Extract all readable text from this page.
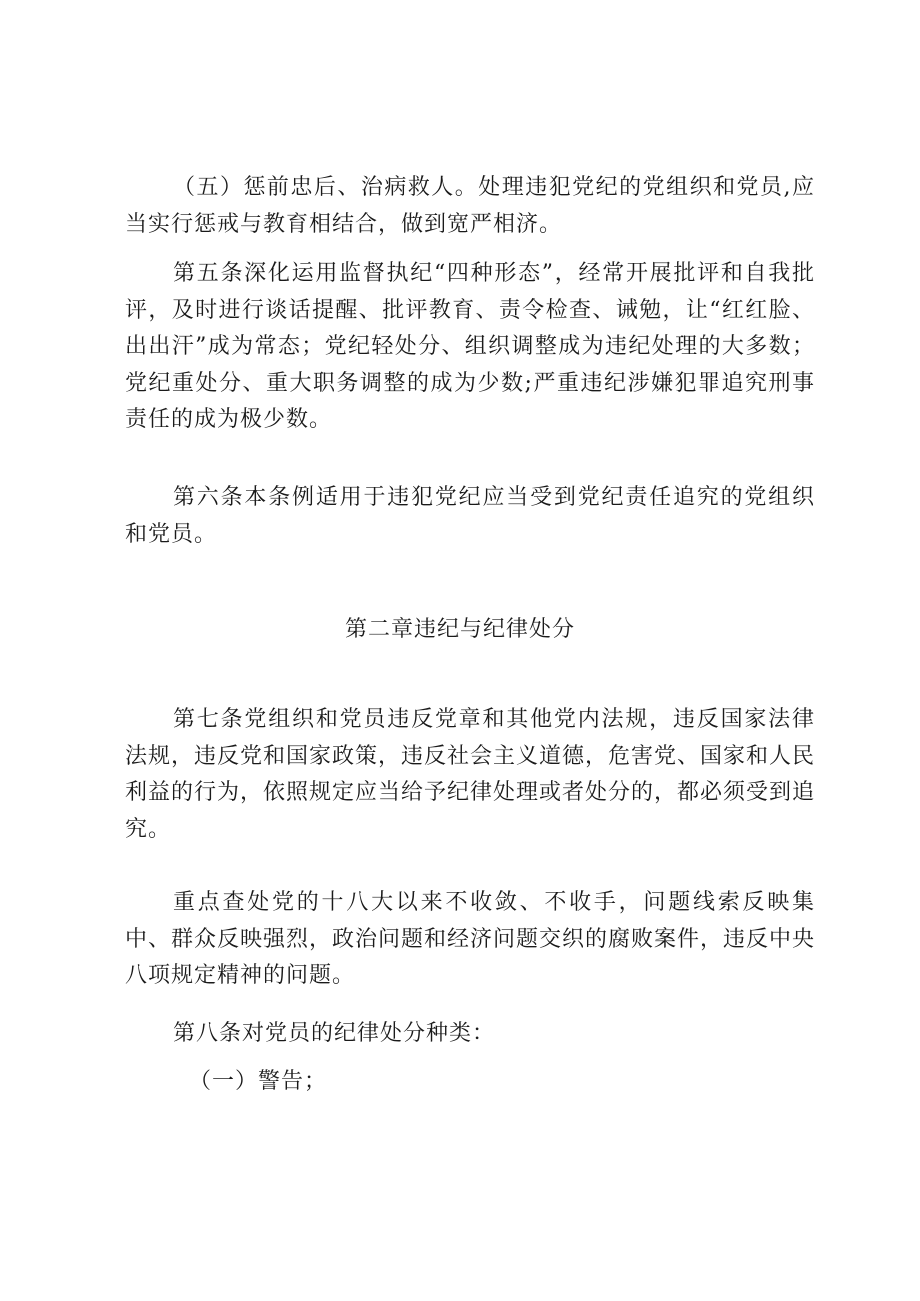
（五）惩前忠后、治病救人。处理违犯党纪的党组织和党员,应当实行惩戒与教育相结合，做到宽严相济。

第五条深化运用监督执纪“四种形态”，经常开展批评和自我批评，及时进行谈话提醒、批评教育、责令检查、诫勉，让“红红脸、出出汗”成为常态；党纪轻处分、组织调整成为违纪处理的大多数；党纪重处分、重大职务调整的成为少数;严重违纪涉嫌犯罪追究刑事责任的成为极少数。

第六条本条例适用于违犯党纪应当受到党纪责任追究的党组织和党员。

第二章违纪与纪律处分

第七条党组织和党员违反党章和其他党内法规，违反国家法律法规，违反党和国家政策，违反社会主义道德，危害党、国家和人民利益的行为，依照规定应当给予纪律处理或者处分的，都必须受到追究。

重点查处党的十八大以来不收敛、不收手，问题线索反映集中、群众反映强烈，政治问题和经济问题交织的腐败案件，违反中央八项规定精神的问题。

第八条对党员的纪律处分种类：

（一）警告；
